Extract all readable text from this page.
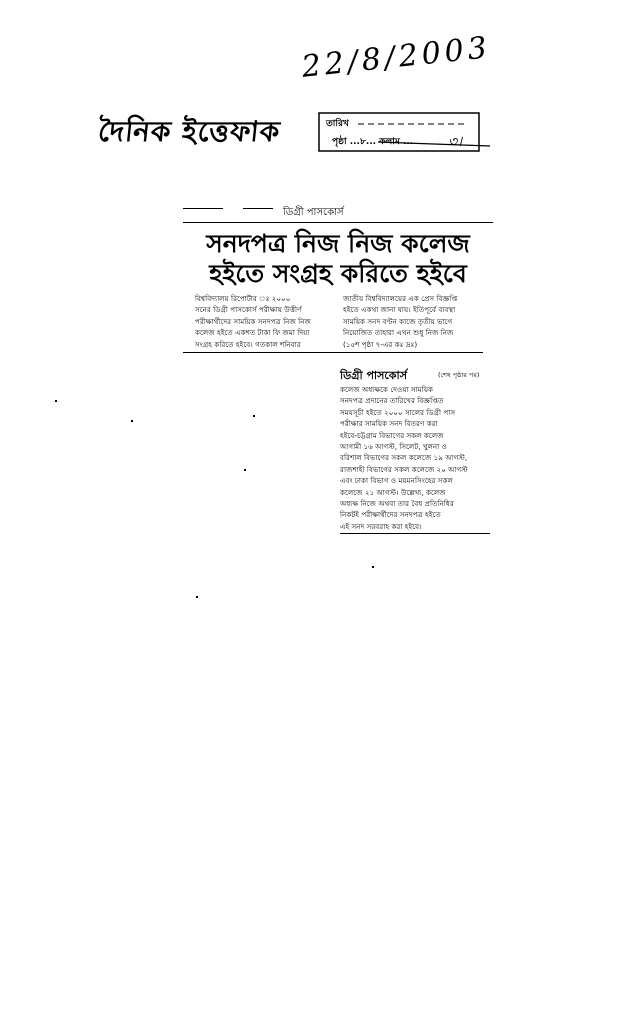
দৈনিক ইত্তেফাক
22/8/2003
তারিখ
পৃষ্ঠা ...৮... কলাম ... ৩।
ডিগ্রী পাসকোর্স
সনদপত্র নিজ নিজ কলেজ
হইতে সংগ্রহ করিতে হইবে
বিশ্ববিদ্যালয় রিপোর্টার ঃ ২০০০
সনের ডিগ্রী পাসকোর্স পরীক্ষায় উত্তীর্ণ
পরীক্ষার্থীদের সাময়িক সনদপত্র নিজ নিজ
কলেজ হইতে একশত টাকা ফি জমা দিয়া
সংগ্রহ করিতে হইবে। গতকাল শনিবার
জাতীয় বিশ্ববিদ্যালয়ের এক প্রেস বিজ্ঞপ্তি
হইতে একথা জানা যায়। ইতিপূর্বে ব্যবস্থা
সাময়িক সনদ বণ্টন কাজে তৃতীয় ভাগে
নিয়োজিত তাহারা এখন শুধু নিজ নিজ
(১৫শ পৃষ্ঠা ৭-এর কঃ দ্রঃ)
ডিগ্রী পাসকোর্স	(শেষ পৃষ্ঠার পর)
কলেজ অধ্যক্ষকে দেওয়া সাময়িক
সনদপত্র প্রদানের তারিখের বিজ্ঞপ্তিত
সময়সূচী হইতে ২০০০ সালের ডিগ্রী পাস
পরীক্ষার সাময়িক সনদ বিতরণ করা
হইবে-চট্টগ্রাম বিভাগের সকল কলেজ
আগামী ১৬ আগস্ট, সিলেট, খুলনা ও
বরিশাল বিভাগের সকল কলেজে ১৯ আগস্ট,
রাজশাহী বিভাগের সকল কলেজে ২০ আগস্ট
এবং ঢাকা বিভাগ ও ময়মনসিংহের সকল
কলেজে ২১ আগস্ট। উল্লেখ্য, কলেজ
অধ্যক্ষ নিজে অথবা তার বৈধ প্রতিনিধির
নিকটই পরীক্ষার্থীদের সনদপত্র হইতে
এই সনদ সরবরাহ করা হইবে।
